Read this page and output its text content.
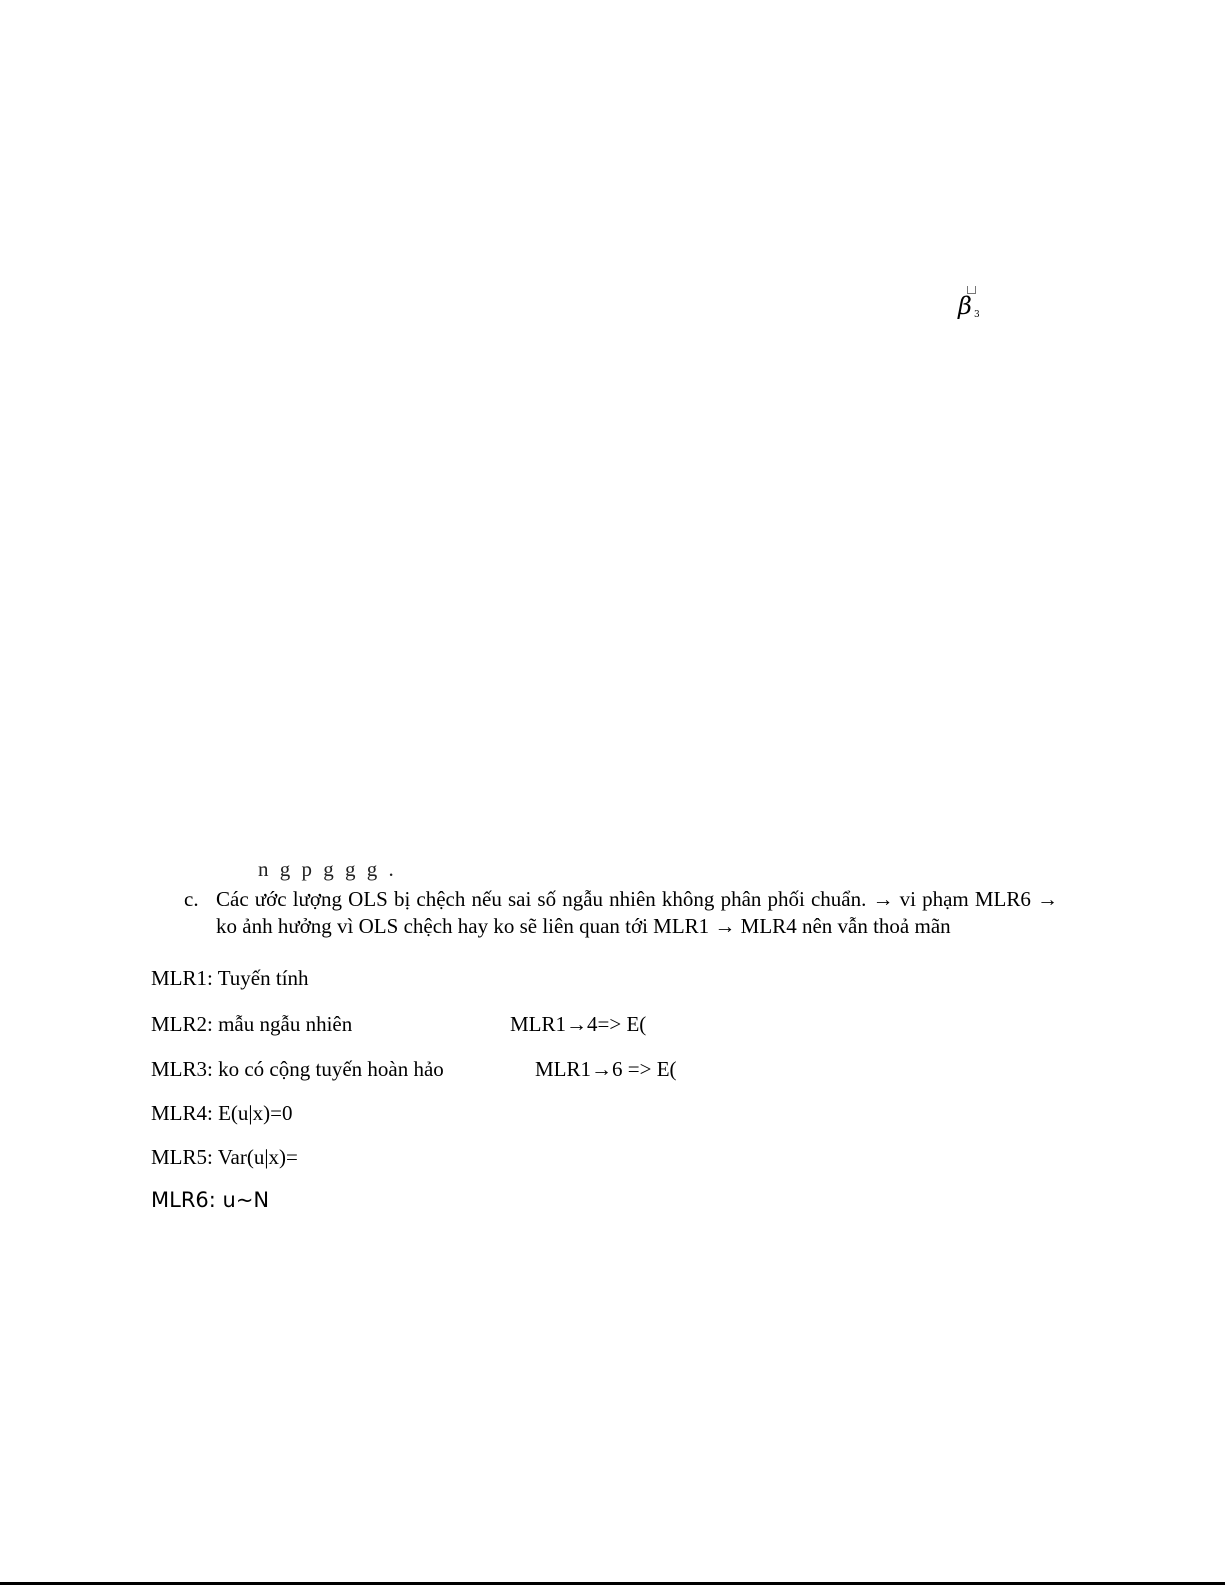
β 3
n g p g g g .
c. Các ước lượng OLS bị chệch nếu sai số ngẫu nhiên không phân phối chuẩn. → vi phạm MLR6 → ko ảnh hưởng vì OLS chệch hay ko sẽ liên quan tới MLR1 → MLR4 nên vẫn thoả mãn
MLR1: Tuyến tính
MLR2: mẫu ngẫu nhiên
MLR3: ko có cộng tuyến hoàn hảo
MLR4: E(u|x)=0
MLR5: Var(u|x)=
MLR6: u~N
MLR1→4=> E(
MLR1→6 => E(
